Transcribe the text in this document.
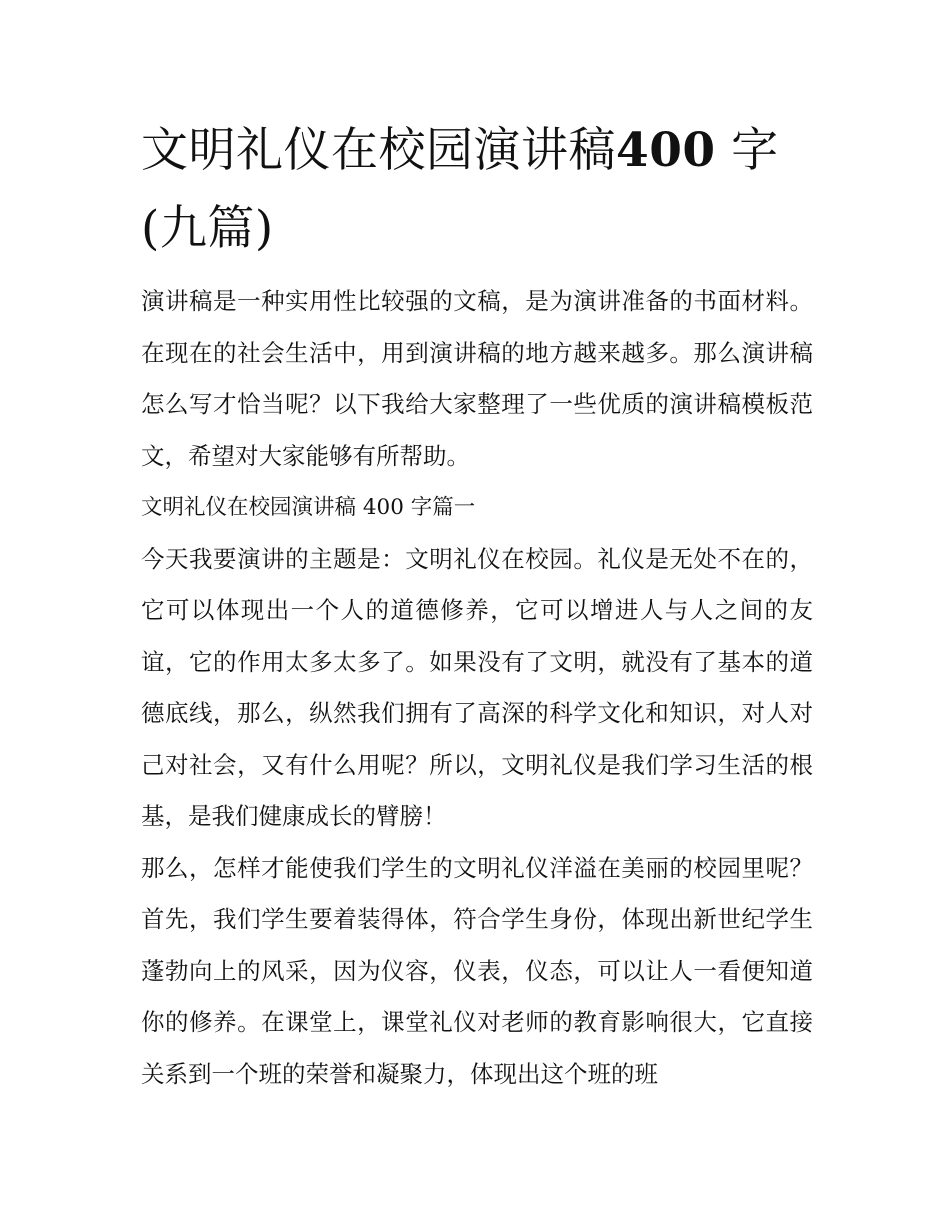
文明礼仪在校园演讲稿400 字(九篇)

演讲稿是一种实用性比较强的文稿，是为演讲准备的书面材料。在现在的社会生活中，用到演讲稿的地方越来越多。那么演讲稿怎么写才恰当呢？以下我给大家整理了一些优质的演讲稿模板范文，希望对大家能够有所帮助。

文明礼仪在校园演讲稿 400 字篇一

今天我要演讲的主题是：文明礼仪在校园。礼仪是无处不在的，它可以体现出一个人的道德修养，它可以增进人与人之间的友谊，它的作用太多太多了。如果没有了文明，就没有了基本的道德底线，那么，纵然我们拥有了高深的科学文化和知识，对人对己对社会，又有什么用呢？所以，文明礼仪是我们学习生活的根基，是我们健康成长的臂膀！

那么，怎样才能使我们学生的文明礼仪洋溢在美丽的校园里呢？首先，我们学生要着装得体，符合学生身份，体现出新世纪学生蓬勃向上的风采，因为仪容，仪表，仪态，可以让人一看便知道你的修养。在课堂上，课堂礼仪对老师的教育影响很大，它直接关系到一个班的荣誉和凝聚力，体现出这个班的班
